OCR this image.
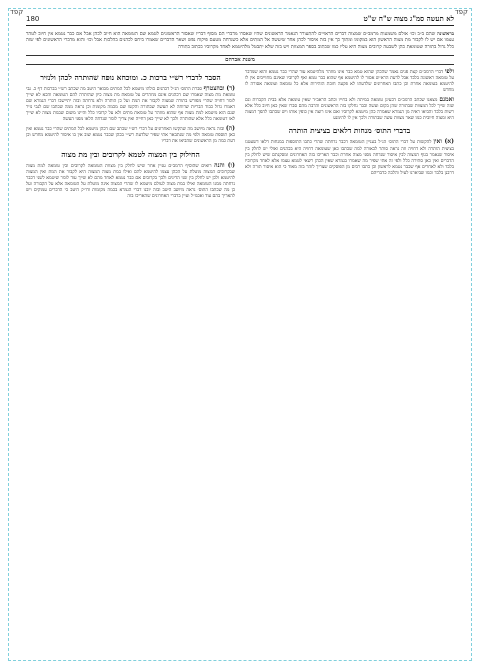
קפד	קפד
לא תעשה סמ"ג מצוה ש"ח ש"ט
180

בראשונה שהם ב״ב וכו׳ אולם משמעות מרמב״ם שמצוה דברים הראויים להתעורר הנאמר הראשונים שהיו שאסרו מדברי הם מסוף דבריו שאסור הראשונים לטמא שם הטומאה הוא חיוב לכהן אבל אם כבר נטמא אין חיוב לטהר עצמו אם יש לו לקבור מת מצוה הראשון הוא במקומו ומתוך כך אין בזה איסור לכהן אחר שיעשה אל המתים אלא כשנדחה מטעם פיקוח נפש ושאר הדברים שאמרו ביחס לכהנים בהלכות אבל וכו׳ והוא מדברי הראשונים לפי שזה כלל גדול בתורה שטומאת כהן לשבעה קרובים מצוה היא עליו כמו שכתוב בספר המצוות ויש בזה שלא יתבטל מלהיטמא לאחד מקרוביו ככתוב בתורה

משנת אברהם

ולפי דברי הרמב״ם קצת פנים נאמר שהכהן שהוא טמא כבר אינו מוזהר מלהיטמא עוד שהרי כבר נטמא והוא שמדבר על טומאה ראשונה בלבד אבל לדעת הרא״ש אסור לו להיטמא אף שהוא כבר טמא ואף לקרוביו שאינם מחוייבים אין לו להיטמא בטומאה אחרת וכן כתבו האחרונים שלדעתו לא פקעה חובת הזהירות אלא כל טומאה וטומאה אסורה לו מחדש

ואמנם מצאנו שכתב הרמב״ם דבעינן טומאה במיתה ולא בחייו וכתב הראב״ד שאין טומאה אלא בבית הקברות וגם שזה שייך לכל המצוות שבתורה שהן בקום ועשה וכבר נחלקו בזה הראשונים והרבה מהם סברו שאין כאן חיוב כלל אלא רשות בלבד והביאו ראיה מן הגמרא שאמרה כהן מיטמא לקרוביו ואם אינו רוצה אין כופין אותו ויש שכתבו להפך דמצוה היא ומצוה חיובית כמו שאר מצוות עשה שבתורה ולכך אין לו להימנע

בדברי התוס׳ מנחות דלאים בציצית הותרה

(א) ואין להקשות על דברי התוס׳ הנ״ל בעניין הטומאה דכבר נדחתה שהרי כתבו התוספות במנחות דלאו דשעטנז בציצית הותרה ולא דחויה וזה נראה סותר לכאורה למה שכתבו כאן שטומאה דחויה היא בכהנים ואולי יש לחלק בין איסור שנאמר בגוף המצוה לבין איסור שנדחה מפני מצוה אחרת וכבר האריכו בזה האחרונים ומסקנתם שיש לחלק בין הדברים ואין כאן סתירה כלל ולפי זה אתי שפיר מה שאמרו בגמרא שאין הכהן רשאי לטמא עצמו אלא לאחד מקרוביו בלבד ולא לאחרים אף שכבר נטמא לראשון וכן כתבו רבים מן הפוסקים שצריך לזהר בזה מאוד כי הוא איסור תורה ולא דרבנן בלבד וכמו שביארנו לעיל והלכה כדבריהם

הסבר לדברי רש״י ברכות כ. ומוכחא נופח שהותרה לכהן ולנזיר

(ד) ובהצטרף סברת התוס׳ הנ״ל דכהנים כולהו מיטמא לכל המתים מבואר היטב מה שכתב רש״י בברכות דף כ. גבי טומאת מת מצוה שאמרו שם דכהנים אינם מוזהרים על טומאת מת מצוה כיון שהותרה להם הטומאה והכא לא שייך לומר דחויה שהרי מפורש בתורה שמצוה לקבור את המת ועל כן הותרה ולא נדחתה ובזה יתיישבו דברי הגמרא שם דאמרו גדול כבוד הבריות שדוחה לא תעשה שבתורה והקשו שם מכמה מקומות וכן נראה ממה שכתבו שם לגבי נזיר שגם הוא מיטמא למת מצוה אף שהוא מוזהר על טומאת מתים ולא על קרוביו כלל והיינו משום שבמת מצוה לא שייך לאו דטומאה כלל אלא שהותרה ולכך לא שייך כאן דחייה ואין צריך לומר שנדחה הלאו מפני העשה

(ה) ובזה נראה מיושב מה שהקשו האחרונים על דברי רש״י שכתב שם דכהן מיטמא לכל המתים שהרי כבר נטמא ואין כאן תוספת טומאה ולפי מה שנתבאר אתי שפיר שלדעת רש״י בכהן שכבר נטמא שוב אין בו איסור להיטמא מחדש וכן דעת כמה מן הראשונים שהביאו את דבריו

החילוק בין המצוה לטמא לקרובים ובין מת מצוה

(ו) והנה רואים שהוסיף הרמב״ם עניין אחר שיש לחלק בין מצוות הטומאה לקרובים ובין טומאה למת מצוה שבקרובים המצוה מוטלת על הכהן עצמו להיטמא להם ואילו במת מצוה המצוה היא לקבור את המת ואין המצוה להיטמא ולכן יש לחלק בין שני הדינים ולכך בקרובים אם כבר נטמא לאחד מהם לא שייך עוד לומר שיטמא לשני דכבר נדחתה ממנו הטומאה ואילו במת מצוה לעולם מיטמא לו שהרי המצוה אינה מוטלת על הטומאה אלא על הקבורה ועל כן מה שכתבו התוס׳ נראה מיושב היטב ובזה יובנו דברי הגמרא בכמה מקומות ודו״ק היטב כי הדברים עמוקים ויש להאריך בהם עוד ואכמ״ל ועיין בדברי האחרונים שהאריכו בזה
